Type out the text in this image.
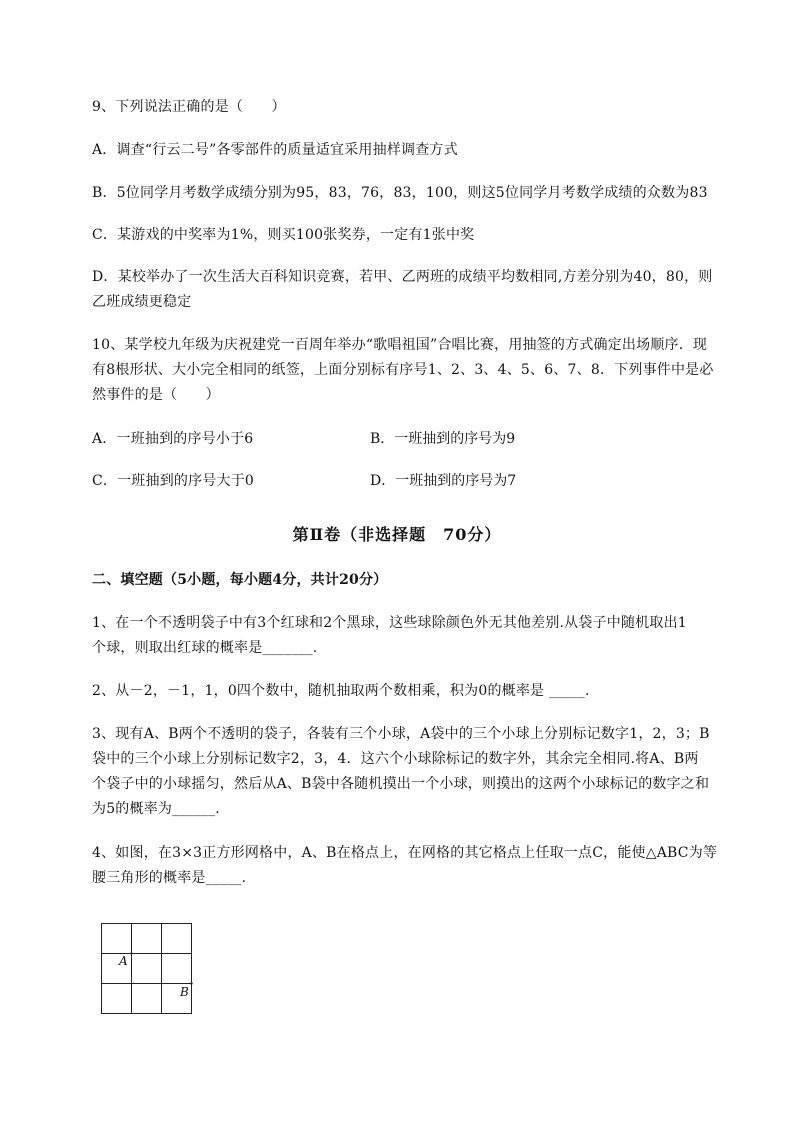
9、下列说法正确的是（　　）
A．调查“行云二号”各零部件的质量适宜采用抽样调查方式
B．5位同学月考数学成绩分别为95，83，76，83，100，则这5位同学月考数学成绩的众数为83
C．某游戏的中奖率为1%，则买100张奖券，一定有1张中奖
D．某校举办了一次生活大百科知识竞赛，若甲、乙两班的成绩平均数相同,方差分别为40，80，则
乙班成绩更稳定
10、某学校九年级为庆祝建党一百周年举办“歌唱祖国”合唱比赛，用抽签的方式确定出场顺序．现
有8根形状、大小完全相同的纸签，上面分别标有序号1、2、3、4、5、6、7、8．下列事件中是必
然事件的是（　　）
A．一班抽到的序号小于6	B．一班抽到的序号为9
C．一班抽到的序号大于0	D．一班抽到的序号为7
第Ⅱ卷（非选择题　70分）
二、填空题（5小题，每小题4分，共计20分）
1、在一个不透明袋子中有3个红球和2个黑球，这些球除颜色外无其他差别.从袋子中随机取出1
个球，则取出红球的概率是_______.
2、从－2，－1，1，0四个数中，随机抽取两个数相乘，积为0的概率是 _____.
3、现有A、B两个不透明的袋子，各装有三个小球，A袋中的三个小球上分别标记数字1，2，3；B
袋中的三个小球上分别标记数字2，3，4．这六个小球除标记的数字外，其余完全相同.将A、B两
个袋子中的小球摇匀，然后从A、B袋中各随机摸出一个小球，则摸出的这两个小球标记的数字之和
为5的概率为______.
4、如图，在3×3正方形网格中，A、B在格点上，在网格的其它格点上任取一点C，能使△ABC为等
腰三角形的概率是_____.
A
B
